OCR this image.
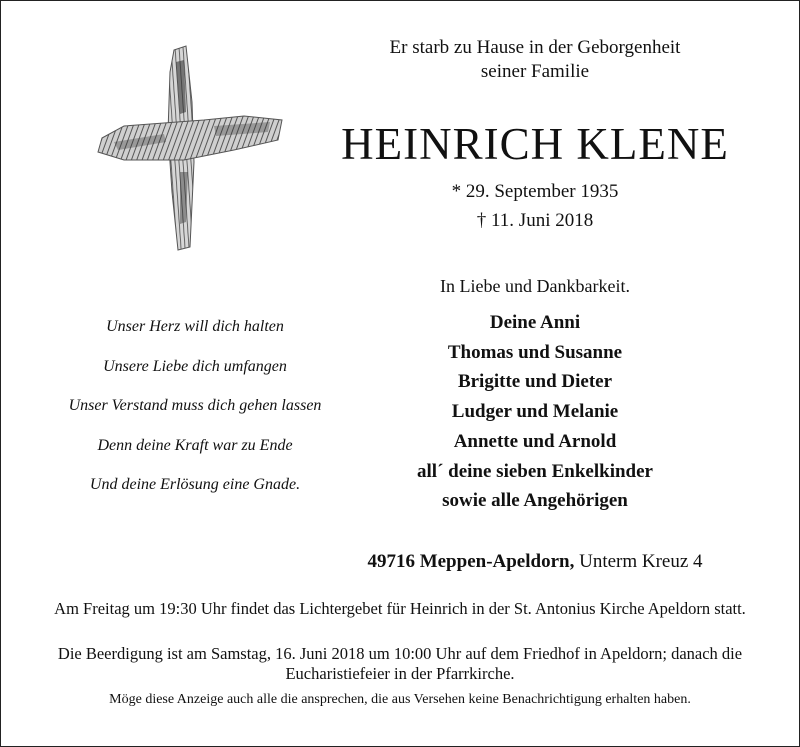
Er starb zu Hause in der Geborgenheit
seiner Familie
HEINRICH KLENE
* 29. September 1935
† 11. Juni 2018
Unser Herz will dich halten
Unsere Liebe dich umfangen
Unser Verstand muss dich gehen lassen
Denn deine Kraft war zu Ende
Und deine Erlösung eine Gnade.
In Liebe und Dankbarkeit.
Deine Anni
Thomas und Susanne
Brigitte und Dieter
Ludger und Melanie
Annette und Arnold
all´ deine sieben Enkelkinder
sowie alle Angehörigen
49716 Meppen-Apeldorn, Unterm Kreuz 4
Am Freitag um 19:30 Uhr findet das Lichtergebet für Heinrich in der St. Antonius Kirche Apeldorn statt.
Die Beerdigung ist am Samstag, 16. Juni 2018 um 10:00 Uhr auf dem Friedhof in Apeldorn; danach die Eucharistiefeier in der Pfarrkirche.
Möge diese Anzeige auch alle die ansprechen, die aus Versehen keine Benachrichtigung erhalten haben.
